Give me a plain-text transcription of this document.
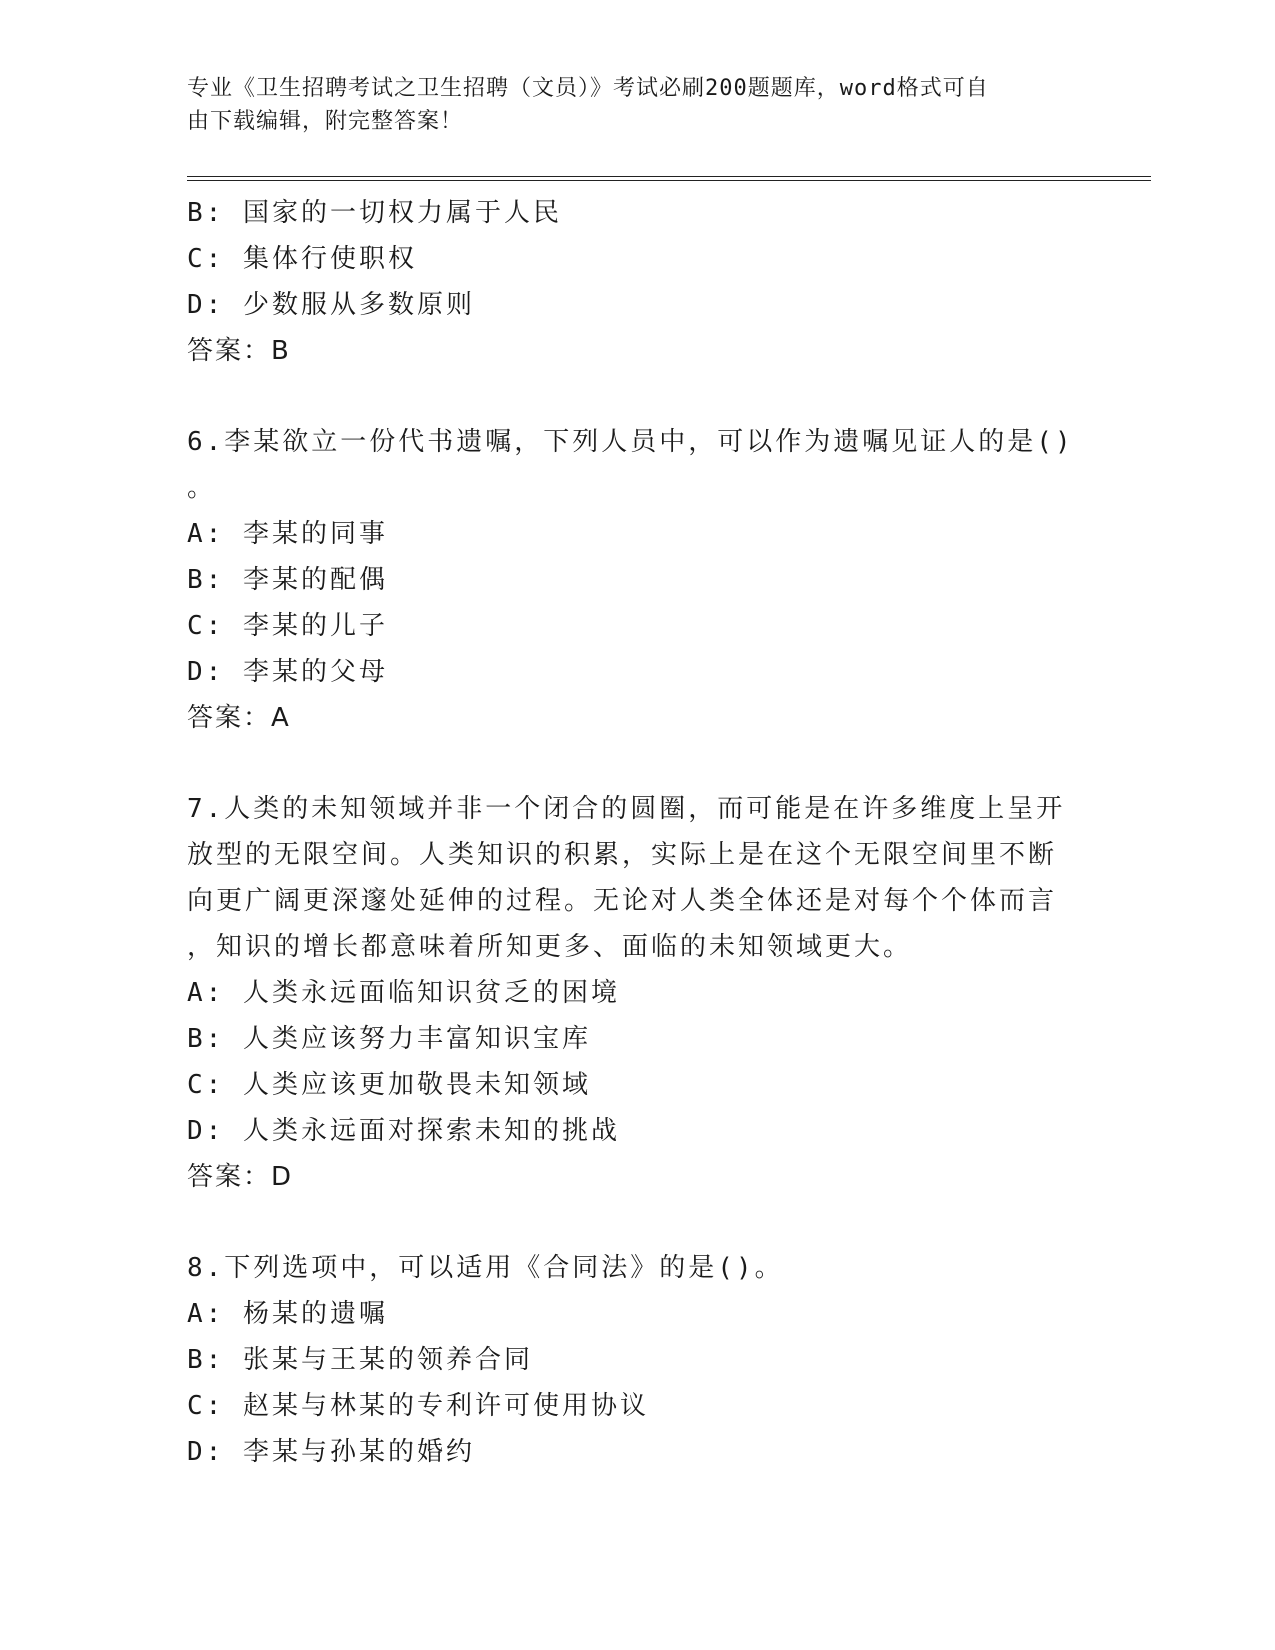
专业《卫生招聘考试之卫生招聘（文员）》考试必刷200题题库，word格式可自
由下载编辑，附完整答案！
B: 国家的一切权力属于人民
C: 集体行使职权
D: 少数服从多数原则
答案：B
6.李某欲立一份代书遗嘱，下列人员中，可以作为遗嘱见证人的是()
。
A: 李某的同事
B: 李某的配偶
C: 李某的儿子
D: 李某的父母
答案：A
7.人类的未知领域并非一个闭合的圆圈，而可能是在许多维度上呈开
放型的无限空间。人类知识的积累，实际上是在这个无限空间里不断
向更广阔更深邃处延伸的过程。无论对人类全体还是对每个个体而言
，知识的增长都意味着所知更多、面临的未知领域更大。
A: 人类永远面临知识贫乏的困境
B: 人类应该努力丰富知识宝库
C: 人类应该更加敬畏未知领域
D: 人类永远面对探索未知的挑战
答案：D
8.下列选项中，可以适用《合同法》的是()。
A: 杨某的遗嘱
B: 张某与王某的领养合同
C: 赵某与林某的专利许可使用协议
D: 李某与孙某的婚约
